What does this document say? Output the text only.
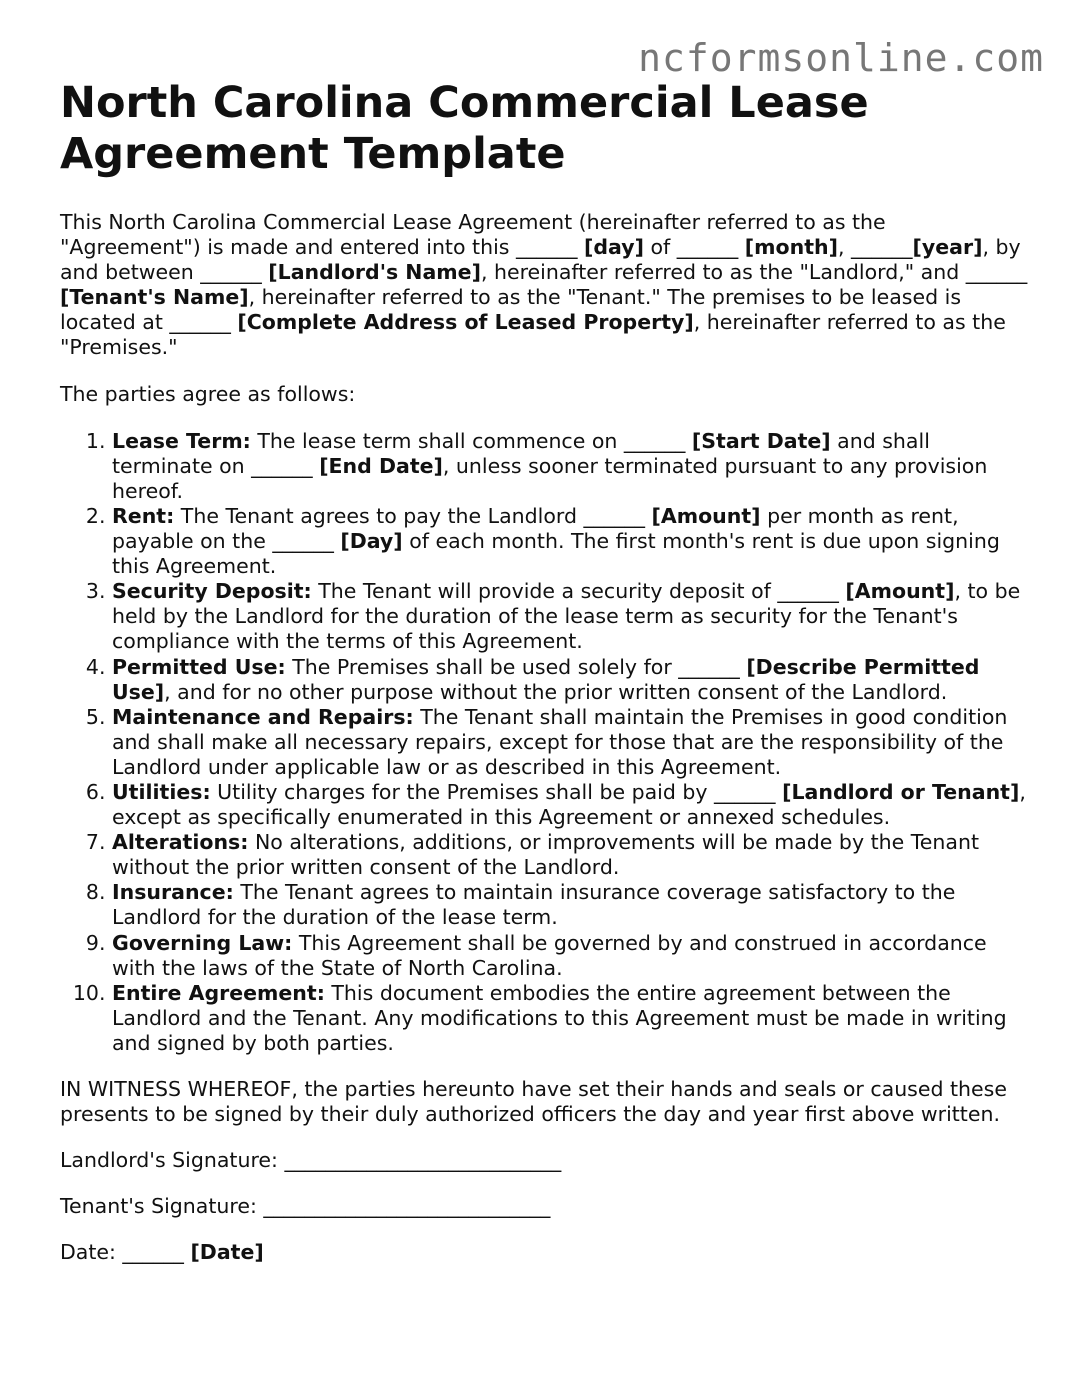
ncformsonline.com
North Carolina Commercial Lease Agreement Template

This North Carolina Commercial Lease Agreement (hereinafter referred to as the "Agreement") is made and entered into this ______ [day] of ______ [month], ______[year], by and between ______ [Landlord's Name], hereinafter referred to as the "Landlord," and ______ [Tenant's Name], hereinafter referred to as the "Tenant." The premises to be leased is located at ______ [Complete Address of Leased Property], hereinafter referred to as the "Premises."

The parties agree as follows:

1. Lease Term: The lease term shall commence on ______ [Start Date] and shall terminate on ______ [End Date], unless sooner terminated pursuant to any provision hereof.
2. Rent: The Tenant agrees to pay the Landlord ______ [Amount] per month as rent, payable on the ______ [Day] of each month. The first month's rent is due upon signing this Agreement.
3. Security Deposit: The Tenant will provide a security deposit of ______ [Amount], to be held by the Landlord for the duration of the lease term as security for the Tenant's compliance with the terms of this Agreement.
4. Permitted Use: The Premises shall be used solely for ______ [Describe Permitted Use], and for no other purpose without the prior written consent of the Landlord.
5. Maintenance and Repairs: The Tenant shall maintain the Premises in good condition and shall make all necessary repairs, except for those that are the responsibility of the Landlord under applicable law or as described in this Agreement.
6. Utilities: Utility charges for the Premises shall be paid by ______ [Landlord or Tenant], except as specifically enumerated in this Agreement or annexed schedules.
7. Alterations: No alterations, additions, or improvements will be made by the Tenant without the prior written consent of the Landlord.
8. Insurance: The Tenant agrees to maintain insurance coverage satisfactory to the Landlord for the duration of the lease term.
9. Governing Law: This Agreement shall be governed by and construed in accordance with the laws of the State of North Carolina.
10. Entire Agreement: This document embodies the entire agreement between the Landlord and the Tenant. Any modifications to this Agreement must be made in writing and signed by both parties.

IN WITNESS WHEREOF, the parties hereunto have set their hands and seals or caused these presents to be signed by their duly authorized officers the day and year first above written.

Landlord's Signature: ___________________________

Tenant's Signature: ____________________________

Date: ______ [Date]
